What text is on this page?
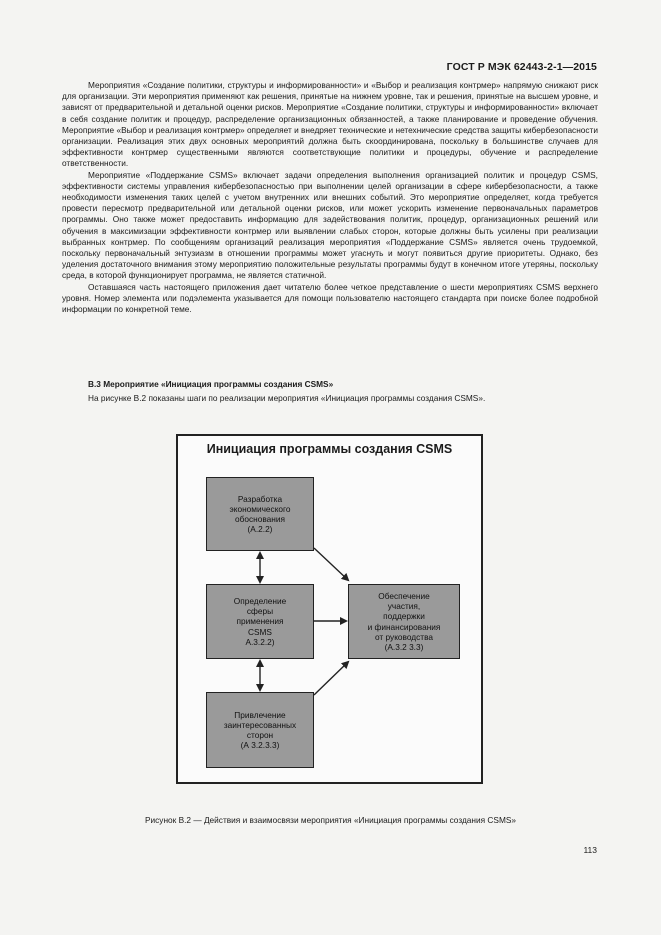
ГОСТ Р МЭК 62443-2-1—2015

Мероприятия «Создание политики, структуры и информированности» и «Выбор и реализация контрмер» напрямую снижают риск для организации. Эти мероприятия применяют как решения, принятые на нижнем уровне, так и решения, принятые на высшем уровне, и зависят от предварительной и детальной оценки рисков. Мероприятие «Создание политики, структуры и информированности» включает в себя создание политик и процедур, распределение организационных обязанностей, а также планирование и проведение обучения. Мероприятие «Выбор и реализация контрмер» определяет и внедряет технические и нетехнические средства защиты кибербезопасности организации. Реализация этих двух основных мероприятий должна быть скоординирована, поскольку в большинстве случаев для эффективности контрмер существенными являются соответствующие политики и процедуры, обучение и распределение ответственности.

Мероприятие «Поддержание CSMS» включает задачи определения выполнения организацией политик и процедур CSMS, эффективности системы управления кибербезопасностью при выполнении целей организации в сфере кибербезопасности, а также необходимости изменения таких целей с учетом внутренних или внешних событий. Это мероприятие определяет, когда требуется провести пересмотр предварительной или детальной оценки рисков, или может ускорить изменение первоначальных параметров программы. Оно также может предоставить информацию для задействования политик, процедур, организационных решений или обучения в максимизации эффективности контрмер или выявлении слабых сторон, которые должны быть усилены при реализации выбранных контрмер. По сообщениям организаций реализация мероприятия «Поддержание CSMS» является очень трудоемкой, поскольку первоначальный энтузиазм в отношении программы может угаснуть и могут появиться другие приоритеты. Однако, без уделения достаточного внимания этому мероприятию положительные результаты программы будут в конечном итоге утеряны, поскольку среда, в которой функционирует программа, не является статичной.

Оставшаяся часть настоящего приложения дает читателю более четкое представление о шести мероприятиях CSMS верхнего уровня. Номер элемента или подэлемента указывается для помощи пользователю настоящего стандарта при поиске более подробной информации по конкретной теме.

В.3 Мероприятие «Инициация программы создания CSMS»
На рисунке В.2 показаны шаги по реализации мероприятия «Инициация программы создания CSMS».
Инициация программы создания CSMS
Разработка
экономического
обоснования
(А.2.2)
Определение
сферы
применения
CSMS
A.3.2.2)
Привлечение
заинтересованных
сторон
(А 3.2.3.3)
Обеспечение
участия,
поддержки
и финансирования
от руководства
(А.3.2 3.3)
Рисунок В.2 — Действия и взаимосвязи мероприятия «Инициация программы создания CSMS»
113
